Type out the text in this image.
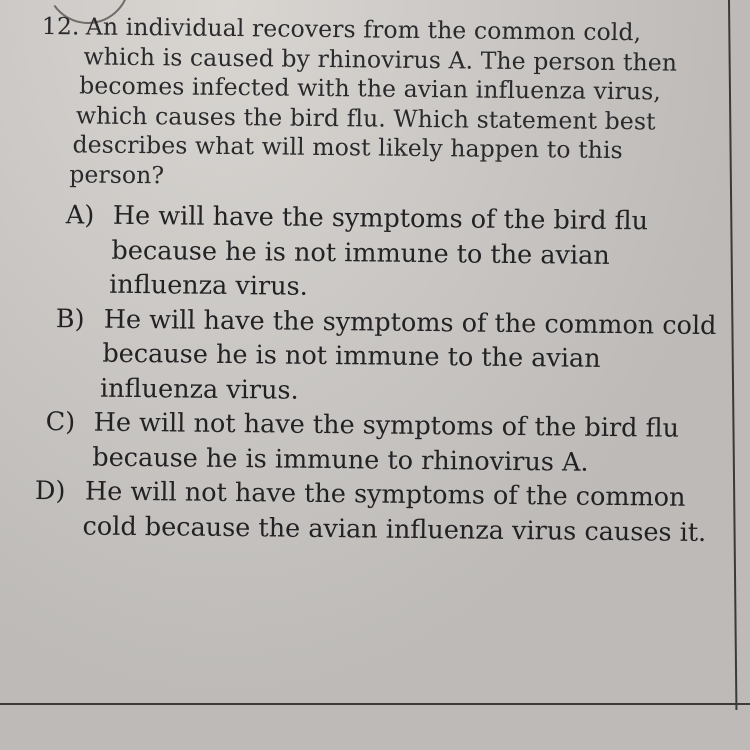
12. An individual recovers from the common cold,
which is caused by rhinovirus A. The person then
becomes infected with the avian influenza virus,
which causes the bird flu. Which statement best
describes what will most likely happen to this
person?
A) He will have the symptoms of the bird flu
because he is not immune to the avian
influenza virus.
B) He will have the symptoms of the common cold
because he is not immune to the avian
influenza virus.
C) He will not have the symptoms of the bird flu
because he is immune to rhinovirus A.
D) He will not have the symptoms of the common
cold because the avian influenza virus causes it.
